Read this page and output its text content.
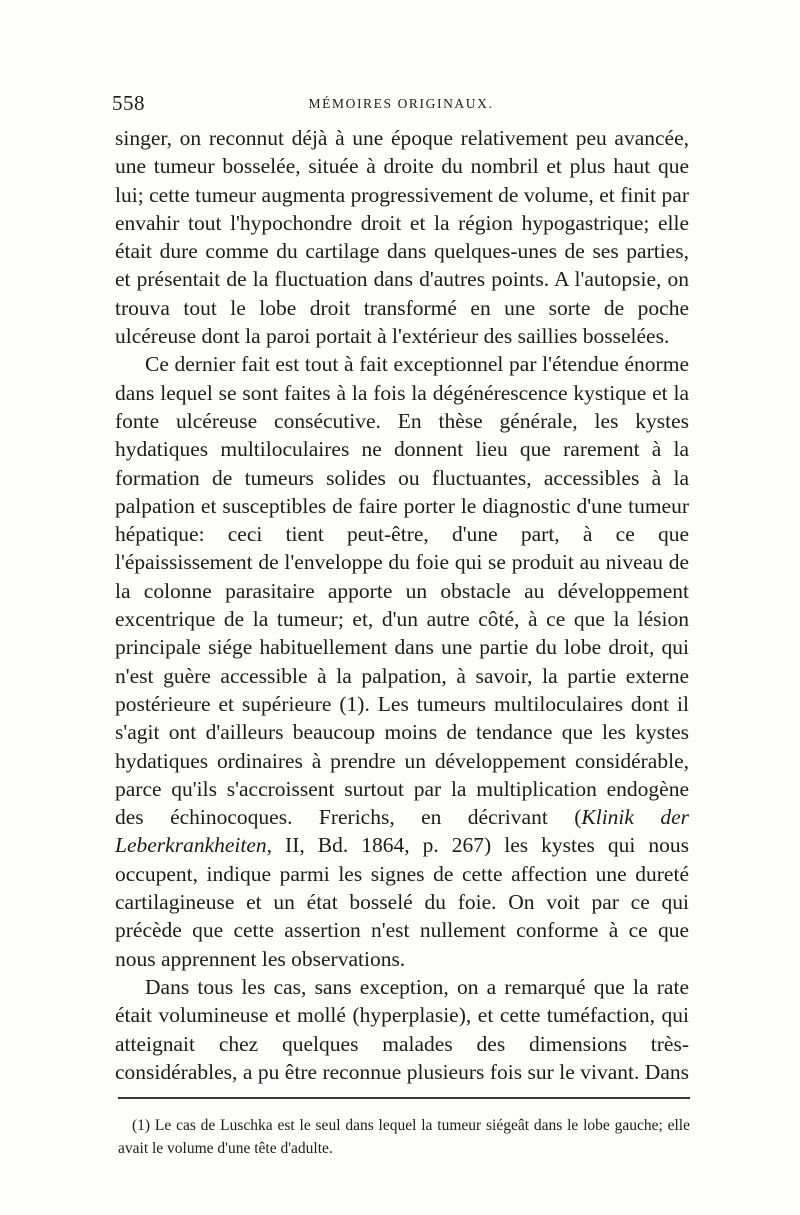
558	MÉMOIRES ORIGINAUX.

singer, on reconnut déjà à une époque relativement peu avancée, une tumeur bosselée, située à droite du nombril et plus haut que lui; cette tumeur augmenta progressivement de volume, et finit par envahir tout l'hypochondre droit et la région hypogastrique; elle était dure comme du cartilage dans quelques-unes de ses parties, et présentait de la fluctuation dans d'autres points. A l'autopsie, on trouva tout le lobe droit transformé en une sorte de poche ulcéreuse dont la paroi portait à l'extérieur des saillies bosselées.

Ce dernier fait est tout à fait exceptionnel par l'étendue énorme dans lequel se sont faites à la fois la dégénérescence kystique et la fonte ulcéreuse consécutive. En thèse générale, les kystes hydatiques multiloculaires ne donnent lieu que rarement à la formation de tumeurs solides ou fluctuantes, accessibles à la palpation et susceptibles de faire porter le diagnostic d'une tumeur hépatique: ceci tient peut-être, d'une part, à ce que l'épaississement de l'enveloppe du foie qui se produit au niveau de la colonne parasitaire apporte un obstacle au développement excentrique de la tumeur; et, d'un autre côté, à ce que la lésion principale siége habituellement dans une partie du lobe droit, qui n'est guère accessible à la palpation, à savoir, la partie externe postérieure et supérieure (1). Les tumeurs multiloculaires dont il s'agit ont d'ailleurs beaucoup moins de tendance que les kystes hydatiques ordinaires à prendre un développement considérable, parce qu'ils s'accroissent surtout par la multiplication endogène des échinocoques. Frerichs, en décrivant (Klinik der Leberkrankheiten, II, Bd. 1864, p. 267) les kystes qui nous occupent, indique parmi les signes de cette affection une dureté cartilagineuse et un état bosselé du foie. On voit par ce qui précède que cette assertion n'est nullement conforme à ce que nous apprennent les observations.

Dans tous les cas, sans exception, on a remarqué que la rate était volumineuse et mollé (hyperplasie), et cette tuméfaction, qui atteignait chez quelques malades des dimensions très-considérables, a pu être reconnue plusieurs fois sur le vivant. Dans

(1) Le cas de Luschka est le seul dans lequel la tumeur siégeât dans le lobe gauche; elle avait le volume d'une tête d'adulte.
